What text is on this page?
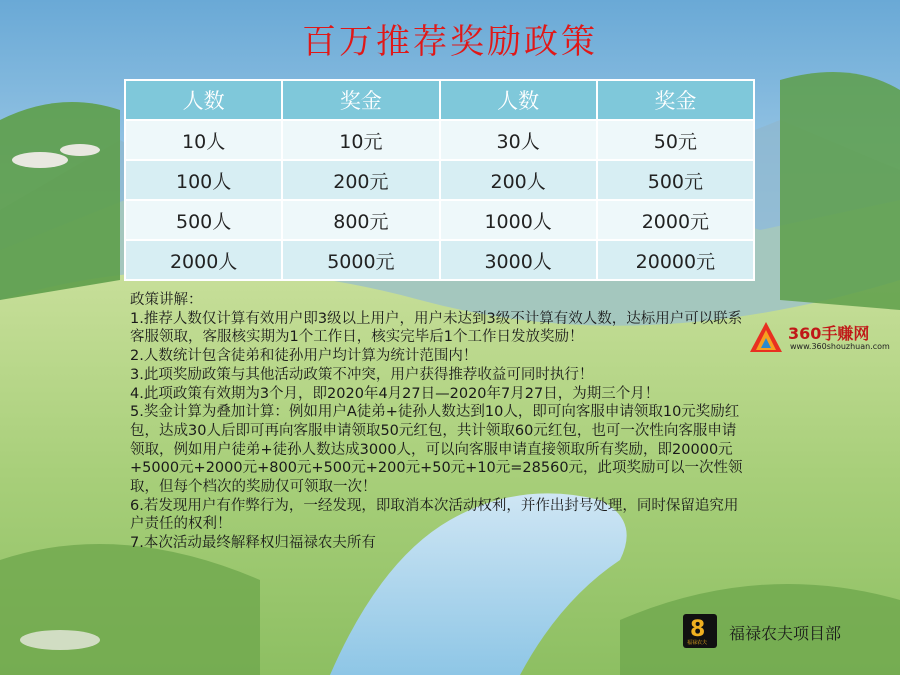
百万推荐奖励政策
人数	奖金	人数	奖金
10人	10元	30人	50元
100人	200元	200人	500元
500人	800元	1000人	2000元
2000人	5000元	3000人	20000元

政策讲解：

1.推荐人数仅计算有效用户即3级以上用户，用户未达到3级不计算有效人数，达标用户可以联系客服领取，客服核实期为1个工作日，核实完毕后1个工作日发放奖励！

2.人数统计包含徒弟和徒孙用户均计算为统计范围内！

3.此项奖励政策与其他活动政策不冲突，用户获得推荐收益可同时执行！

4.此项政策有效期为3个月，即2020年4月27日—2020年7月27日，为期三个月！

5.奖金计算为叠加计算：例如用户A徒弟+徒孙人数达到10人，即可向客服申请领取10元奖励红包，达成30人后即可再向客服申请领取50元红包，共计领取60元红包，也可一次性向客服申请领取，例如用户徒弟+徒孙人数达成3000人，可以向客服申请直接领取所有奖励，即20000元+5000元+2000元+800元+500元+200元+50元+10元=28560元，此项奖励可以一次性领取，但每个档次的奖励仅可领取一次！

6.若发现用户有作弊行为，一经发现，即取消本次活动权利，并作出封号处理，同时保留追究用户责任的权利！

7.本次活动最终解释权归福禄农夫所有

360手赚网
www.360shouzhuan.com
8
福禄农夫 福禄农夫项目部
